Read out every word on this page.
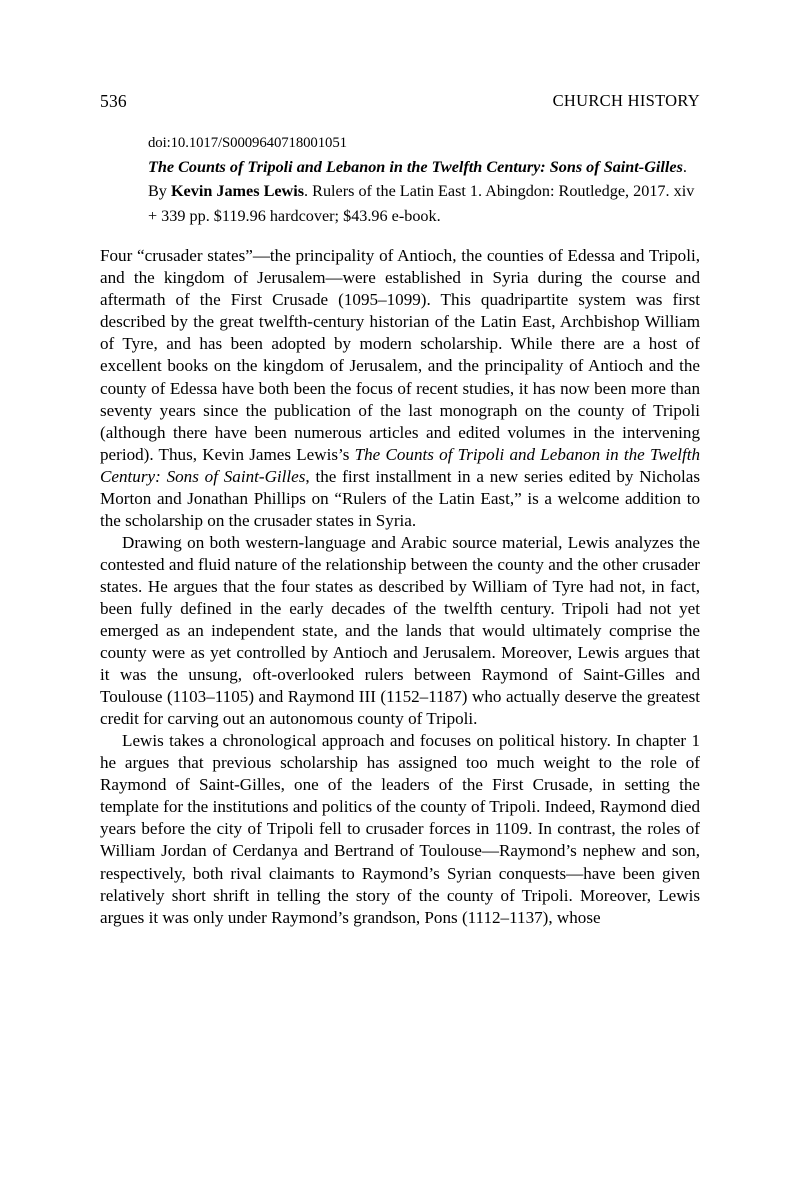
536	CHURCH HISTORY
doi:10.1017/S0009640718001051
The Counts of Tripoli and Lebanon in the Twelfth Century: Sons of Saint-Gilles. By Kevin James Lewis. Rulers of the Latin East 1. Abingdon: Routledge, 2017. xiv + 339 pp. $119.96 hardcover; $43.96 e-book.

Four “crusader states”—the principality of Antioch, the counties of Edessa and Tripoli, and the kingdom of Jerusalem—were established in Syria during the course and aftermath of the First Crusade (1095–1099). This quadripartite system was first described by the great twelfth-century historian of the Latin East, Archbishop William of Tyre, and has been adopted by modern scholarship. While there are a host of excellent books on the kingdom of Jerusalem, and the principality of Antioch and the county of Edessa have both been the focus of recent studies, it has now been more than seventy years since the publication of the last monograph on the county of Tripoli (although there have been numerous articles and edited volumes in the intervening period). Thus, Kevin James Lewis’s The Counts of Tripoli and Lebanon in the Twelfth Century: Sons of Saint-Gilles, the first installment in a new series edited by Nicholas Morton and Jonathan Phillips on “Rulers of the Latin East,” is a welcome addition to the scholarship on the crusader states in Syria.

Drawing on both western-language and Arabic source material, Lewis analyzes the contested and fluid nature of the relationship between the county and the other crusader states. He argues that the four states as described by William of Tyre had not, in fact, been fully defined in the early decades of the twelfth century. Tripoli had not yet emerged as an independent state, and the lands that would ultimately comprise the county were as yet controlled by Antioch and Jerusalem. Moreover, Lewis argues that it was the unsung, oft-overlooked rulers between Raymond of Saint-Gilles and Toulouse (1103–1105) and Raymond III (1152–1187) who actually deserve the greatest credit for carving out an autonomous county of Tripoli.

Lewis takes a chronological approach and focuses on political history. In chapter 1 he argues that previous scholarship has assigned too much weight to the role of Raymond of Saint-Gilles, one of the leaders of the First Crusade, in setting the template for the institutions and politics of the county of Tripoli. Indeed, Raymond died years before the city of Tripoli fell to crusader forces in 1109. In contrast, the roles of William Jordan of Cerdanya and Bertrand of Toulouse—Raymond’s nephew and son, respectively, both rival claimants to Raymond’s Syrian conquests—have been given relatively short shrift in telling the story of the county of Tripoli. Moreover, Lewis argues it was only under Raymond’s grandson, Pons (1112–1137), whose
